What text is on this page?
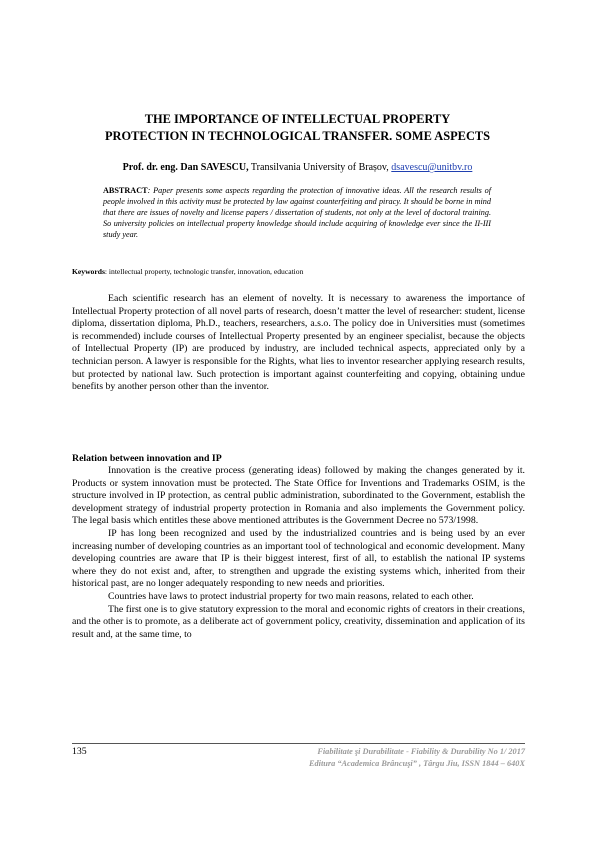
THE IMPORTANCE OF INTELLECTUAL PROPERTY
PROTECTION IN TECHNOLOGICAL TRANSFER. SOME ASPECTS
Prof. dr. eng. Dan SAVESCU, Transilvania University of Brașov, dsavescu@unitbv.ro
ABSTRACT: Paper presents some aspects regarding the protection of innovative ideas. All the research results of people involved in this activity must be protected by law against counterfeiting and piracy. It should be borne in mind that there are issues of novelty and license papers / dissertation of students, not only at the level of doctoral training. So university policies on intellectual property knowledge should include acquiring of knowledge ever since the II-III study year.
Keywords: intellectual property, technologic transfer, innovation, education

Each scientific research has an element of novelty. It is necessary to awareness the importance of Intellectual Property protection of all novel parts of research, doesn’t matter the level of researcher: student, license diploma, dissertation diploma, Ph.D., teachers, researchers, a.s.o. The policy doe in Universities must (sometimes is recommended) include courses of Intellectual Property presented by an engineer specialist, because the objects of Intellectual Property (IP) are produced by industry, are included technical aspects, appreciated only by a technician person. A lawyer is responsible for the Rights, what lies to inventor researcher applying research results, but protected by national law. Such protection is important against counterfeiting and copying, obtaining undue benefits by another person other than the inventor.

Relation between innovation and IP

Innovation is the creative process (generating ideas) followed by making the changes generated by it. Products or system innovation must be protected. The State Office for Inventions and Trademarks OSIM, is the structure involved in IP protection, as central public administration, subordinated to the Government, establish the development strategy of industrial property protection in Romania and also implements the Government policy. The legal basis which entitles these above mentioned attributes is the Government Decree no 573/1998.

IP has long been recognized and used by the industrialized countries and is being used by an ever increasing number of developing countries as an important tool of technological and economic development. Many developing countries are aware that IP is their biggest interest, first of all, to establish the national IP systems where they do not exist and, after, to strengthen and upgrade the existing systems which, inherited from their historical past, are no longer adequately responding to new needs and priorities.

Countries have laws to protect industrial property for two main reasons, related to each other.

The first one is to give statutory expression to the moral and economic rights of creators in their creations, and the other is to promote, as a deliberate act of government policy, creativity, dissemination and application of its result and, at the same time, to

135	Fiabilitate şi Durabilitate - Fiability & Durability No 1/ 2017
Editura “Academica Brâncuşi” , Târgu Jiu, ISSN 1844 – 640X
